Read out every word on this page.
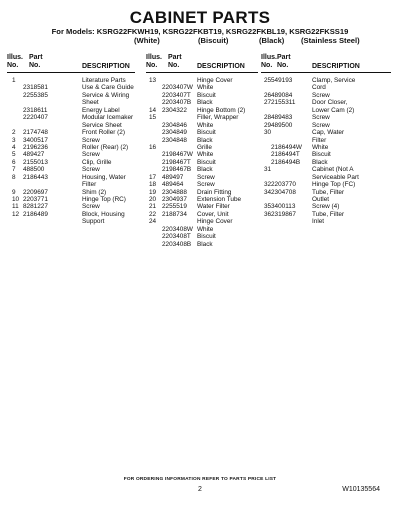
CABINET PARTS
For Models: KSRG22FKWH19, KSRG22FKBT19, KSRG22FKBL19, KSRG22FKSS19
(White)	(Biscuit)	(Black) (Stainless Steel)
Illus.
No.
Part
No.	DESCRIPTION
1	Literature Parts
2318581	Use & Care Guide
2255385	Service & Wiring
Sheet
2318611	Energy Label
2220407	Modular Icemaker
Service Sheet
2 2174748	Front Roller (2)
3 3400517	Screw
4 2196236	Roller (Rear) (2)
5 489427	Screw
6 2155013	Clip, Grille
7 488500	Screw
8 2186443	Housing, Water
Filter
9 2209697	Shim (2)
10 2203771	Hinge Top (RC)
11 8281227	Screw
12 2186489	Block, Housing
Support
Illus.
No.
Part
No.	DESCRIPTION
13	Hinge Cover
2203407W White
2203407T Biscuit
2203407B Black
14 2304322 Hinge Bottom (2)
15	Filler, Wrapper
2304846 White
2304849 Biscuit
2304848 Black
16	Grille
2198467W White
2198467T Biscuit
2198467B Black
17 489497 Screw
18 489464 Screw
19 2304888 Drain Fitting
20 2304937 Extension Tube
21 2255519 Water Filter
22 2188734 Cover, Unit
24	Hinge Cover
2203408W White
2203408T Biscuit
2203408B Black
Illus.
No.
Part
No.	DESCRIPTION
25 549193	Clamp, Service
Cord
26 489084	Screw
27 2155311	Door Closer,
Lower Cam (2)
28 489483	Screw
29 489500	Screw
30	Cap, Water
Filter
2186494W White
2186494T Biscuit
2186494B Black
31	Cabinet (Not A
Serviceable Part
32 2203770	Hinge Top (FC)
34 2304708	Tube, Filter
Outlet
35 3400113	Screw (4)
36 2319867	Tube, Filter
Inlet
FOR ORDERING INFORMATION REFER TO PARTS PRICE LIST
2	W10135564
